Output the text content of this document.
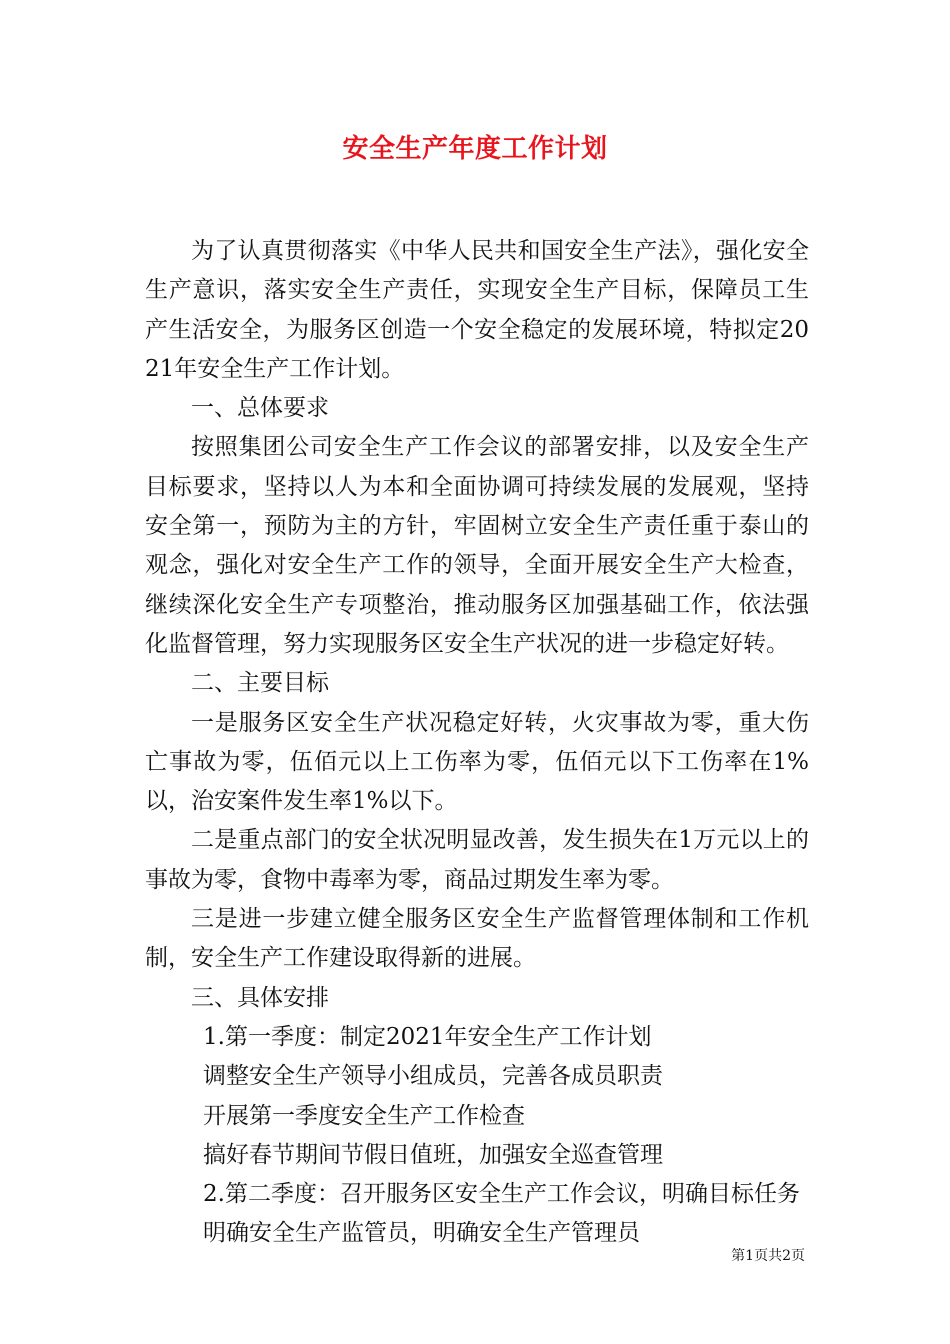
安全生产年度工作计划

为了认真贯彻落实《中华人民共和国安全生产法》，强化安全生产意识，落实安全生产责任，实现安全生产目标，保障员工生产生活安全，为服务区创造一个安全稳定的发展环境，特拟定2021年安全生产工作计划。

一、总体要求

按照集团公司安全生产工作会议的部署安排，以及安全生产目标要求，坚持以人为本和全面协调可持续发展的发展观，坚持安全第一，预防为主的方针，牢固树立安全生产责任重于泰山的观念，强化对安全生产工作的领导，全面开展安全生产大检查，继续深化安全生产专项整治，推动服务区加强基础工作，依法强化监督管理，努力实现服务区安全生产状况的进一步稳定好转。

二、主要目标

一是服务区安全生产状况稳定好转，火灾事故为零，重大伤亡事故为零，伍佰元以上工伤率为零，伍佰元以下工伤率在1%以，治安案件发生率1%以下。

二是重点部门的安全状况明显改善，发生损失在1万元以上的事故为零，食物中毒率为零，商品过期发生率为零。

三是进一步建立健全服务区安全生产监督管理体制和工作机制，安全生产工作建设取得新的进展。

三、具体安排

1.第一季度：制定2021年安全生产工作计划

调整安全生产领导小组成员，完善各成员职责

开展第一季度安全生产工作检查

搞好春节期间节假日值班，加强安全巡查管理

2.第二季度：召开服务区安全生产工作会议，明确目标任务

明确安全生产监管员，明确安全生产管理员

第1页共2页
